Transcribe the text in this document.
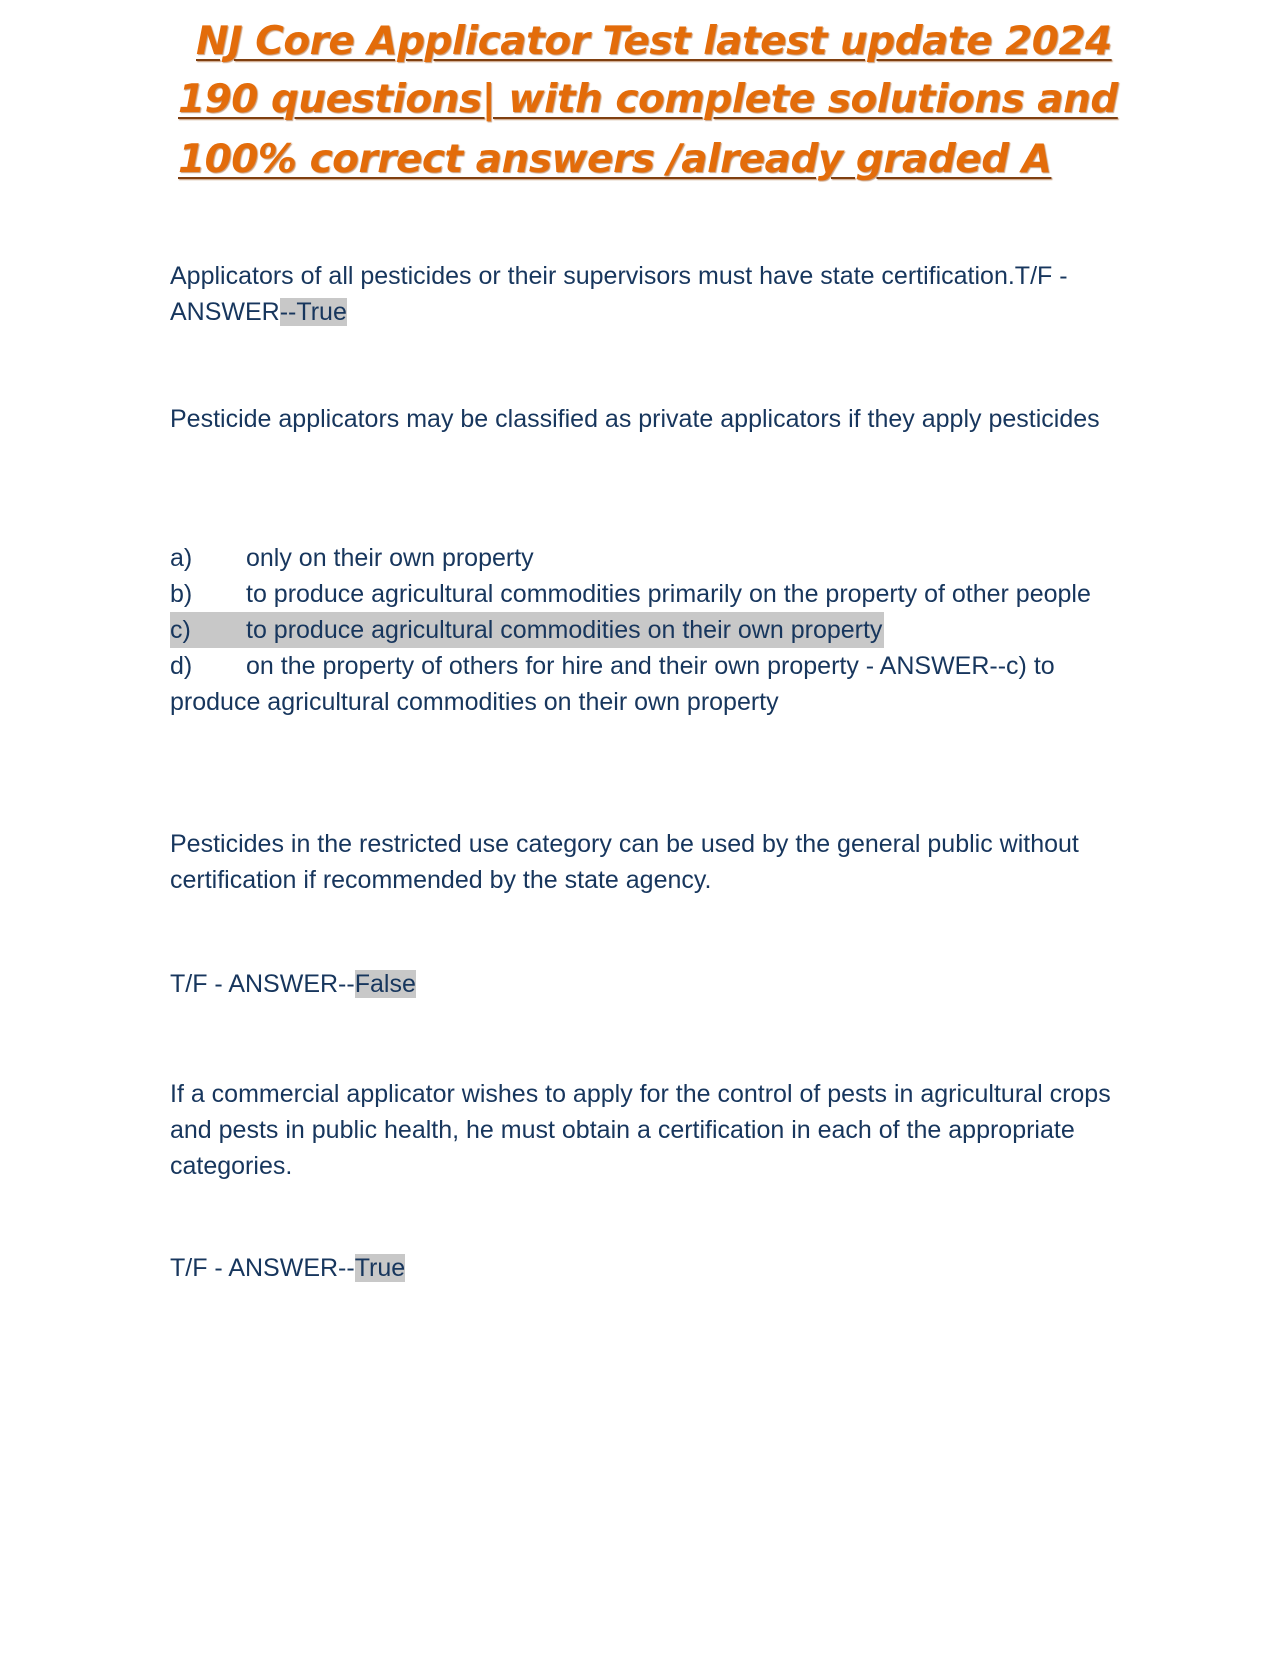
NJ Core Applicator Test latest update 2024
190 questions| with complete solutions and
100% correct answers /already graded A

Applicators of all pesticides or their supervisors must have state certification.T/F - ANSWER--True

Pesticide applicators may be classified as private applicators if they apply pesticides

a) only on their own property
b) to produce agricultural commodities primarily on the property of other people
c) to produce agricultural commodities on their own property
d) on the property of others for hire and their own property - ANSWER--c) to produce agricultural commodities on their own property

Pesticides in the restricted use category can be used by the general public without certification if recommended by the state agency.

T/F - ANSWER--False

If a commercial applicator wishes to apply for the control of pests in agricultural crops and pests in public health, he must obtain a certification in each of the appropriate categories.

T/F - ANSWER--True
